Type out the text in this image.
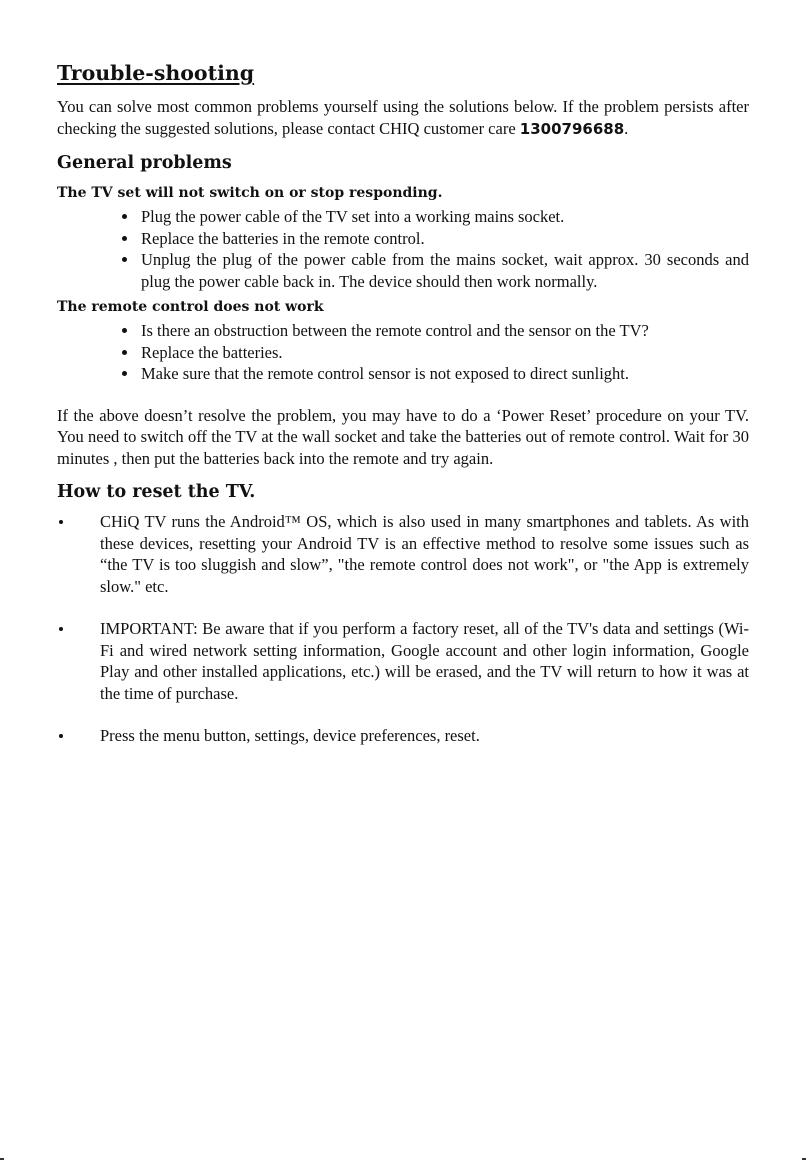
Trouble-shooting

You can solve most common problems yourself using the solutions below. If the problem persists after checking the suggested solutions, please contact CHIQ customer care 1300796688.

General problems
The TV set will not switch on or stop responding.
Plug the power cable of the TV set into a working mains socket.
Replace the batteries in the remote control.
Unplug the plug of the power cable from the mains socket, wait approx. 30 seconds and plug the power cable back in. The device should then work normally.
The remote control does not work
Is there an obstruction between the remote control and the sensor on the TV?
Replace the batteries.
Make sure that the remote control sensor is not exposed to direct sunlight.

If the above doesn’t resolve the problem, you may have to do a ‘Power Reset’ procedure on your TV. You need to switch off the TV at the wall socket and take the batteries out of remote control. Wait for 30 minutes , then put the batteries back into the remote and try again.

How to reset the TV.
CHiQ TV runs the Android™ OS, which is also used in many smartphones and tablets. As with these devices, resetting your Android TV is an effective method to resolve some issues such as “the TV is too sluggish and slow”, "the remote control does not work", or "the App is extremely slow." etc.
IMPORTANT: Be aware that if you perform a factory reset, all of the TV's data and settings (Wi-Fi and wired network setting information, Google account and other login information, Google Play and other installed applications, etc.) will be erased, and the TV will return to how it was at the time of purchase.
Press the menu button, settings, device preferences, reset.
